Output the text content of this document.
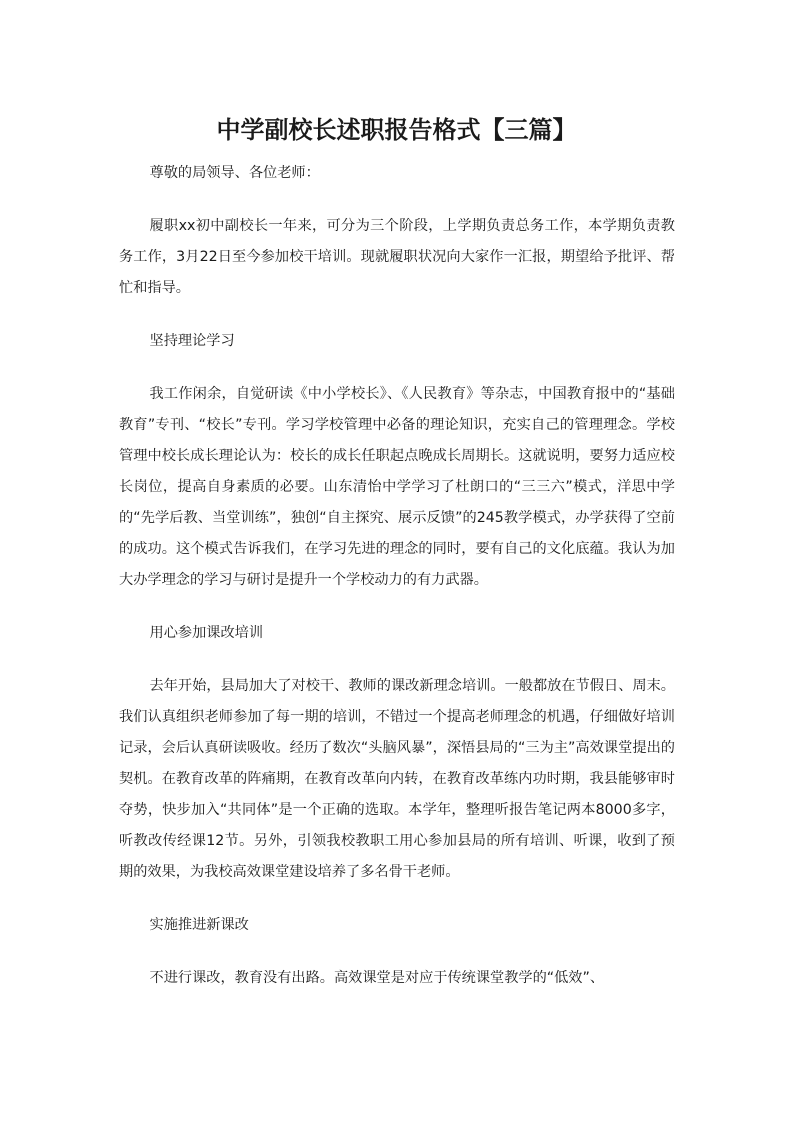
中学副校长述职报告格式【三篇】

尊敬的局领导、各位老师：

履职xx初中副校长一年来，可分为三个阶段，上学期负责总务工作，本学期负责教务工作，3月22日至今参加校干培训。现就履职状况向大家作一汇报，期望给予批评、帮忙和指导。

坚持理论学习

我工作闲余，自觉研读《中小学校长》、《人民教育》等杂志，中国教育报中的“基础教育”专刊、“校长”专刊。学习学校管理中必备的理论知识，充实自己的管理理念。学校管理中校长成长理论认为：校长的成长任职起点晚成长周期长。这就说明，要努力适应校长岗位，提高自身素质的必要。山东清怡中学学习了杜朗口的“三三六”模式，洋思中学的“先学后教、当堂训练”，独创“自主探究、展示反馈”的245教学模式，办学获得了空前的成功。这个模式告诉我们，在学习先进的理念的同时，要有自己的文化底蕴。我认为加大办学理念的学习与研讨是提升一个学校动力的有力武器。

用心参加课改培训

去年开始，县局加大了对校干、教师的课改新理念培训。一般都放在节假日、周末。我们认真组织老师参加了每一期的培训，不错过一个提高老师理念的机遇，仔细做好培训记录，会后认真研读吸收。经历了数次“头脑风暴”，深悟县局的“三为主”高效课堂提出的契机。在教育改革的阵痛期，在教育改革向内转，在教育改革练内功时期，我县能够审时夺势，快步加入“共同体”是一个正确的选取。本学年，整理听报告笔记两本8000多字，听教改传经课12节。另外，引领我校教职工用心参加县局的所有培训、听课，收到了预期的效果，为我校高效课堂建设培养了多名骨干老师。

实施推进新课改

不进行课改，教育没有出路。高效课堂是对应于传统课堂教学的“低效”、
